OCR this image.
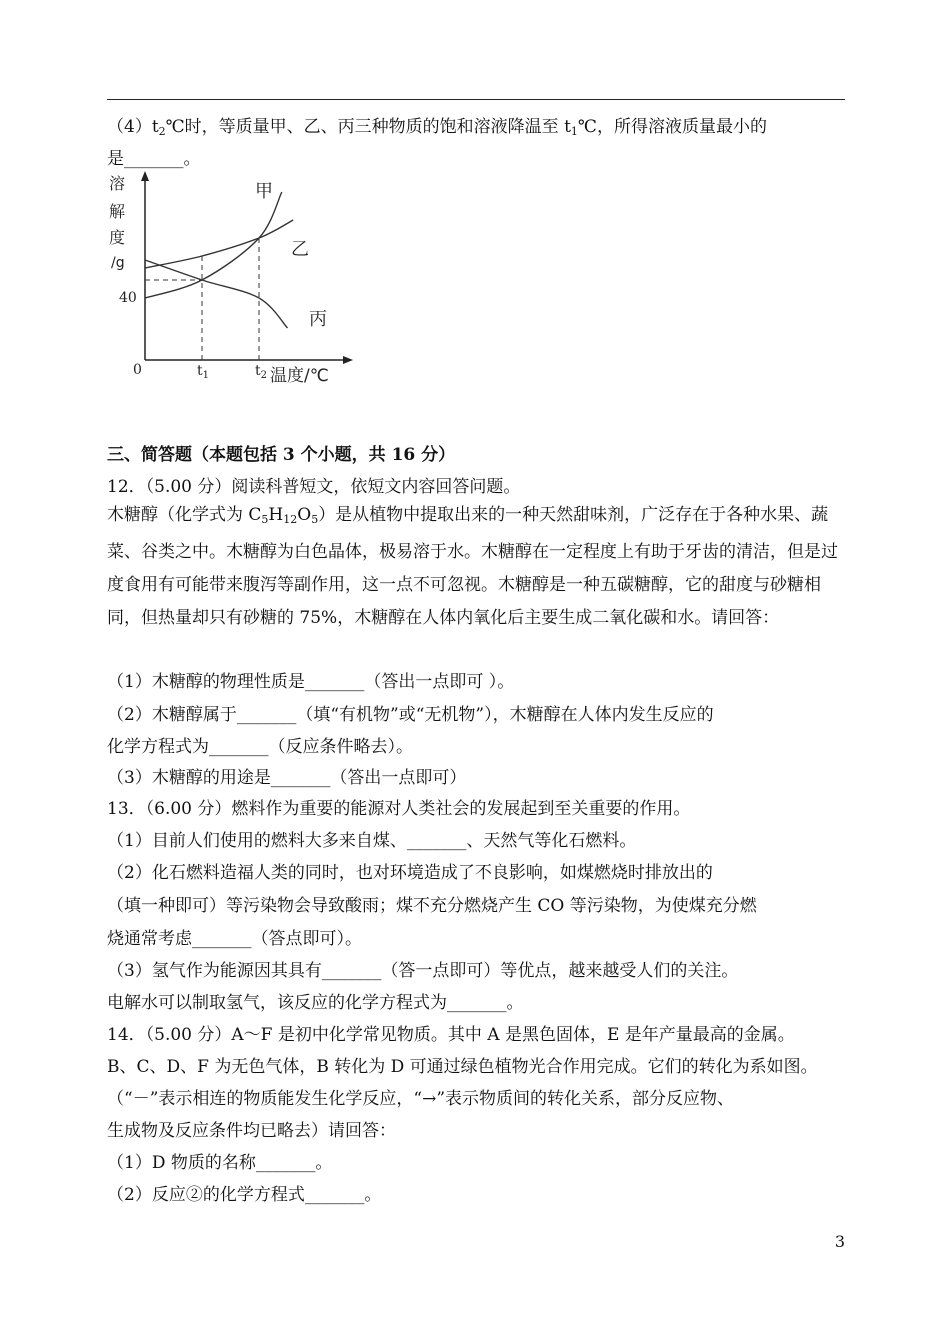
$(4)t_2℃$时，等质量甲、乙、丙三种物质的饱和溶液降温至 $t_1℃$，所得溶液质量最小的

是_______。

溶
解
度
/g
甲
乙
丙
40
0	$t_1$	$t_2$ 温度/℃

三、简答题（本题包括 3 个小题，共 16 分）

12．（5.00 分）阅读科普短文，依短文内容回答问题。

木糖醇（化学式为 $C_5H_{12}O_5$）是从植物中提取出来的一种天然甜味剂，广泛存在于各种水果、蔬菜、谷类之中。木糖醇为白色晶体，极易溶于水。木糖醇在一定程度上有助于牙齿的清洁，但是过度食用有可能带来腹泻等副作用，这一点不可忽视。木糖醇是一种五碳糖醇，它的甜度与砂糖相同，但热量却只有砂糖的 75%，木糖醇在人体内氧化后主要生成二氧化碳和水。请回答：

（1）木糖醇的物理性质是_______（答出一点即可 ）。

（2）木糖醇属于_______（填“有机物”或“无机物”），木糖醇在人体内发生反应的

化学方程式为_______（反应条件略去）。

（3）木糖醇的用途是_______（答出一点即可）

13．（6.00 分）燃料作为重要的能源对人类社会的发展起到至关重要的作用。

（1）目前人们使用的燃料大多来自煤、_______、天然气等化石燃料。

（2）化石燃料造福人类的同时，也对环境造成了不良影响，如煤燃烧时排放出的

（填一种即可）等污染物会导致酸雨；煤不充分燃烧产生 CO 等污染物，为使煤充分燃

烧通常考虑_______（答点即可）。

（3）氢气作为能源因其具有_______（答一点即可）等优点，越来越受人们的关注。

电解水可以制取氢气，该反应的化学方程式为_______。

14．（5.00 分）A～F 是初中化学常见物质。其中 A 是黑色固体，E 是年产量最高的金属。

B、C、D、F 为无色气体，B 转化为 D 可通过绿色植物光合作用完成。它们的转化为系如图。

（“－”表示相连的物质能发生化学反应，“→”表示物质间的转化关系，部分反应物、

生成物及反应条件均已略去）请回答：

（1）D 物质的名称_______。

（2）反应②的化学方程式_______。

3
